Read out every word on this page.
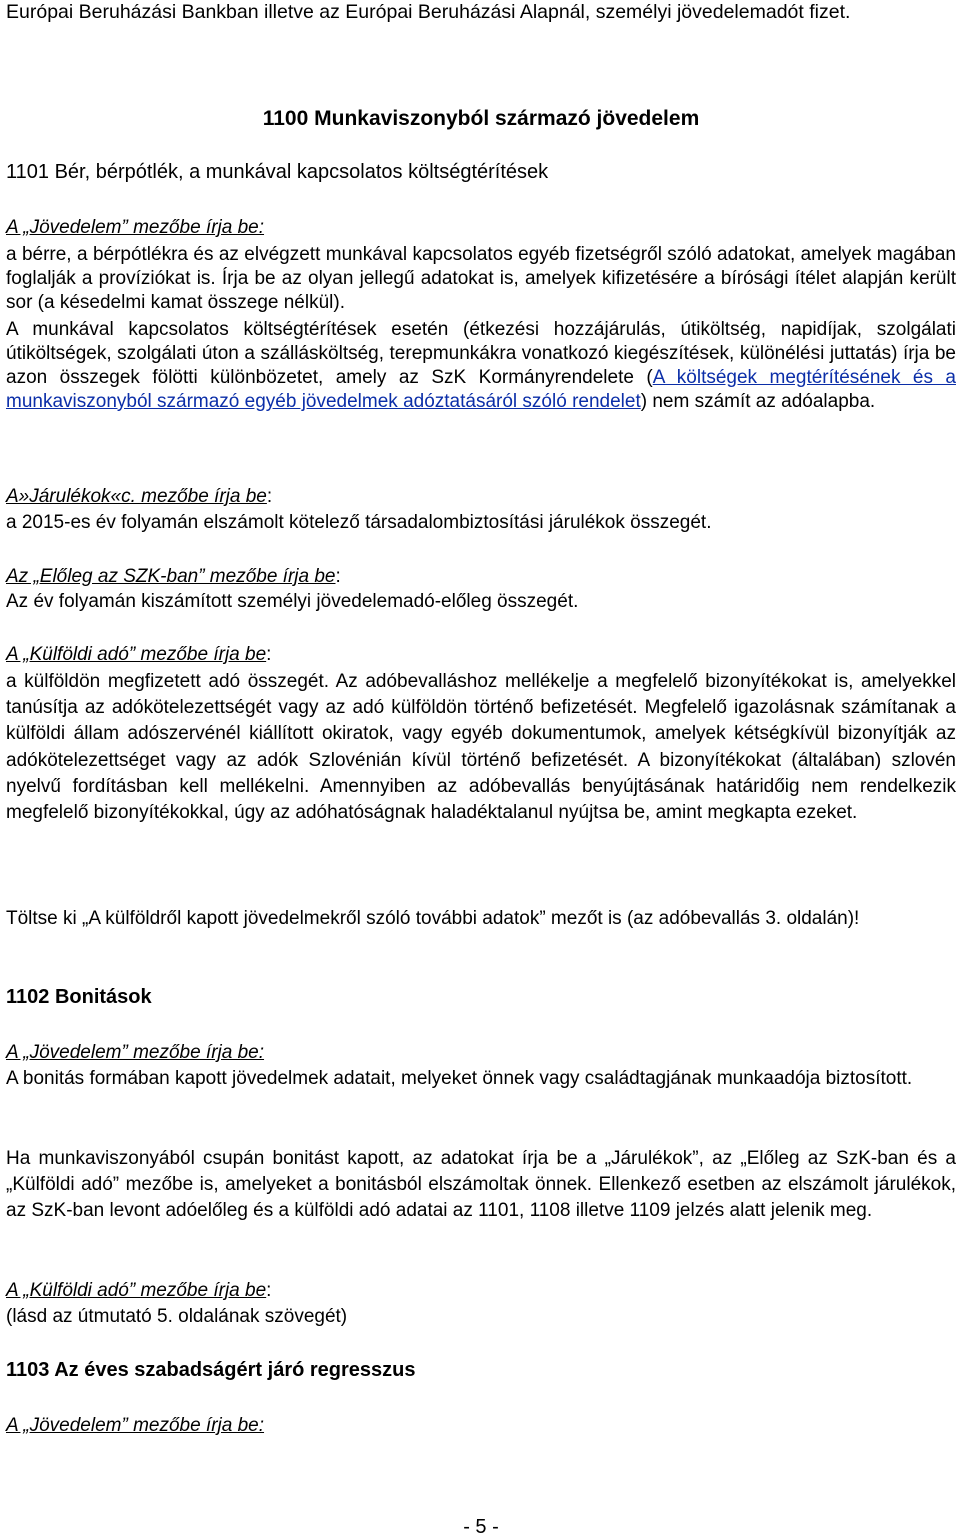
Európai Beruházási Bankban illetve az Európai Beruházási Alapnál, személyi jövedelemadót fizet.

1100 Munkaviszonyból származó jövedelem

1101 Bér, bérpótlék, a munkával kapcsolatos költségtérítések

A „Jövedelem” mezőbe írja be:

a bérre, a bérpótlékra és az elvégzett munkával kapcsolatos egyéb fizetségről szóló adatokat, amelyek magában foglalják a províziókat is. Írja be az olyan jellegű adatokat is, amelyek kifizetésére a bírósági ítélet alapján került sor (a késedelmi kamat összege nélkül).

A munkával kapcsolatos költségtérítések esetén (étkezési hozzájárulás, útiköltség, napidíjak, szolgálati útiköltségek, szolgálati úton a szállásköltség, terepmunkákra vonatkozó kiegészítések, különélési juttatás) írja be azon összegek fölötti különbözetet, amely az SzK Kormányrendelete (A költségek megtérítésének és a munkaviszonyból származó egyéb jövedelmek adóztatásáról szóló rendelet) nem számít az adóalapba.

A»Járulékok«c. mezőbe írja be:

a 2015-es év folyamán elszámolt kötelező társadalombiztosítási járulékok összegét.

Az „Előleg az SZK-ban” mezőbe írja be:

Az év folyamán kiszámított személyi jövedelemadó-előleg összegét.

A „Külföldi adó” mezőbe írja be:

a külföldön megfizetett adó összegét. Az adóbevalláshoz mellékelje a megfelelő bizonyítékokat is, amelyekkel tanúsítja az adókötelezettségét vagy az adó külföldön történő befizetését. Megfelelő igazolásnak számítanak a külföldi állam adószervénél kiállított okiratok, vagy egyéb dokumentumok, amelyek kétségkívül bizonyítják az adókötelezettséget vagy az adók Szlovénián kívül történő befizetését. A bizonyítékokat (általában) szlovén nyelvű fordításban kell mellékelni. Amennyiben az adóbevallás benyújtásának határidőig nem rendelkezik megfelelő bizonyítékokkal, úgy az adóhatóságnak haladéktalanul nyújtsa be, amint megkapta ezeket.

Töltse ki „A külföldről kapott jövedelmekről szóló további adatok” mezőt is (az adóbevallás 3. oldalán)!

1102 Bonitások

A „Jövedelem” mezőbe írja be:

A bonitás formában kapott jövedelmek adatait, melyeket önnek vagy családtagjának munkaadója biztosított.

Ha munkaviszonyából csupán bonitást kapott, az adatokat írja be a „Járulékok”, az „Előleg az SzK-ban és a „Külföldi adó” mezőbe is, amelyeket a bonitásból elszámoltak önnek. Ellenkező esetben az elszámolt járulékok, az SzK-ban levont adóelőleg és a külföldi adó adatai az 1101, 1108 illetve 1109 jelzés alatt jelenik meg.

A „Külföldi adó” mezőbe írja be:

(lásd az útmutató 5. oldalának szövegét)

1103 Az éves szabadságért járó regresszus

A „Jövedelem” mezőbe írja be:

- 5 -
